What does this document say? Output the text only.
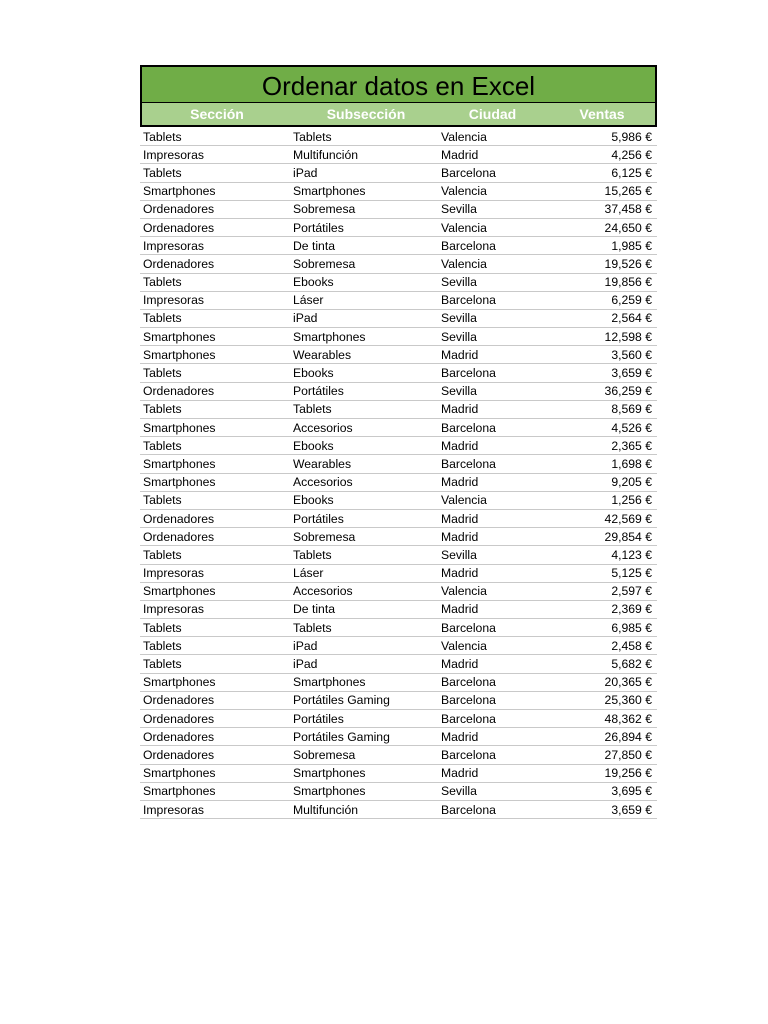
Ordenar datos en Excel
Sección	Subsección	Ciudad	Ventas
Tablets	Tablets	Valencia	5,986 €
Impresoras	Multifunción	Madrid	4,256 €
Tablets	iPad	Barcelona	6,125 €
Smartphones	Smartphones	Valencia	15,265 €
Ordenadores	Sobremesa	Sevilla	37,458 €
Ordenadores	Portátiles	Valencia	24,650 €
Impresoras	De tinta	Barcelona	1,985 €
Ordenadores	Sobremesa	Valencia	19,526 €
Tablets	Ebooks	Sevilla	19,856 €
Impresoras	Láser	Barcelona	6,259 €
Tablets	iPad	Sevilla	2,564 €
Smartphones	Smartphones	Sevilla	12,598 €
Smartphones	Wearables	Madrid	3,560 €
Tablets	Ebooks	Barcelona	3,659 €
Ordenadores	Portátiles	Sevilla	36,259 €
Tablets	Tablets	Madrid	8,569 €
Smartphones	Accesorios	Barcelona	4,526 €
Tablets	Ebooks	Madrid	2,365 €
Smartphones	Wearables	Barcelona	1,698 €
Smartphones	Accesorios	Madrid	9,205 €
Tablets	Ebooks	Valencia	1,256 €
Ordenadores	Portátiles	Madrid	42,569 €
Ordenadores	Sobremesa	Madrid	29,854 €
Tablets	Tablets	Sevilla	4,123 €
Impresoras	Láser	Madrid	5,125 €
Smartphones	Accesorios	Valencia	2,597 €
Impresoras	De tinta	Madrid	2,369 €
Tablets	Tablets	Barcelona	6,985 €
Tablets	iPad	Valencia	2,458 €
Tablets	iPad	Madrid	5,682 €
Smartphones	Smartphones	Barcelona	20,365 €
Ordenadores	Portátiles Gaming	Barcelona	25,360 €
Ordenadores	Portátiles	Barcelona	48,362 €
Ordenadores	Portátiles Gaming	Madrid	26,894 €
Ordenadores	Sobremesa	Barcelona	27,850 €
Smartphones	Smartphones	Madrid	19,256 €
Smartphones	Smartphones	Sevilla	3,695 €
Impresoras	Multifunción	Barcelona	3,659 €
